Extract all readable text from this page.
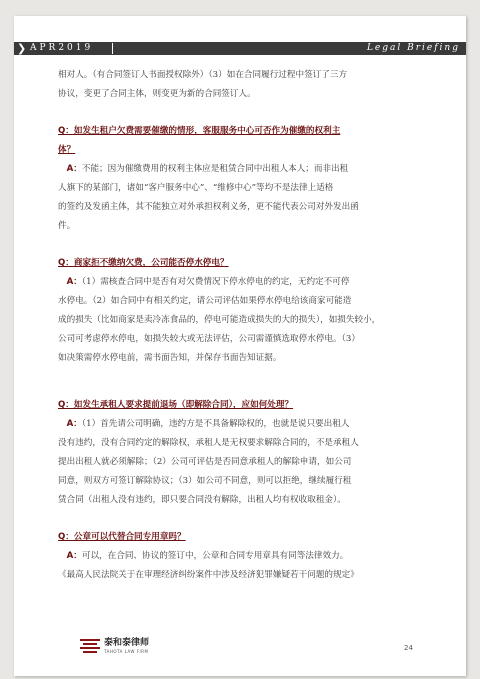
❯ APR2019	Legal Briefing

相对人。（有合同签订人书面授权除外）（3）如在合同履行过程中签订了三方

协议，变更了合同主体，则变更为新的合同签订人。

Q：如发生租户欠费需要催缴的情形，客服服务中心可否作为催缴的权利主

体？

　A：不能；因为催缴费用的权利主体应是租赁合同中出租人本人；而非出租

人旗下的某部门，诸如“客户服务中心”、“维修中心”等均不是法律上适格

的签约及发函主体，其不能独立对外承担权利义务，更不能代表公司对外发出函

件。

Q：商家拒不缴纳欠费，公司能否停水停电？

　A：（1）需核查合同中是否有对欠费情况下停水停电的约定，无约定不可停

水停电。（2）如合同中有相关约定，请公司评估如果停水停电给该商家可能造

成的损失（比如商家是卖冷冻食品的，停电可能造成损失的大的损失），如损失较小，

公司可考虑停水停电，如损失较大或无法评估，公司需谨慎选取停水停电。（3）

如决策需停水停电前，需书面告知，并保存书面告知证据。

Q：如发生承租人要求提前退场（即解除合同），应如何处理？

　A：（1）首先请公司明确，违约方是不具备解除权的，也就是说只要出租人

没有违约，没有合同约定的解除权，承租人是无权要求解除合同的，不是承租人

提出出租人就必须解除；（2）公司可评估是否同意承租人的解除申请，如公司

同意，则双方可签订解除协议；（3）如公司不同意，则可以拒绝，继续履行租

赁合同（出租人没有违约，即只要合同没有解除，出租人均有权收取租金）。

Q：公章可以代替合同专用章吗？

　A：可以，在合同、协议的签订中，公章和合同专用章具有同等法律效力。

《最高人民法院关于在审理经济纠纷案件中涉及经济犯罪嫌疑若干问题的规定》

泰和泰律师
TAHOTA LAW FIRM	24
